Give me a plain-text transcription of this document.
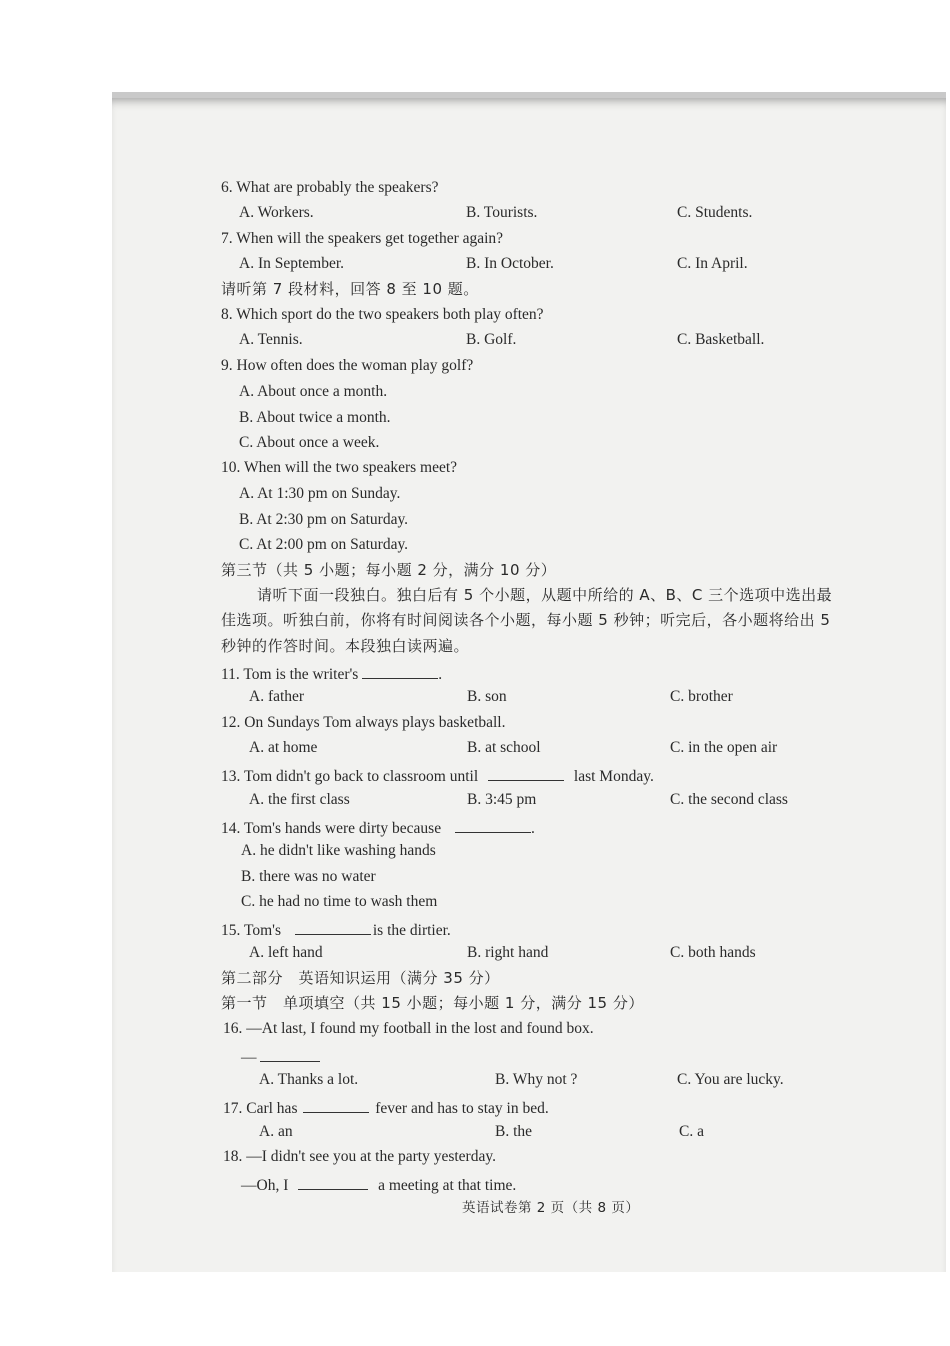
6. What are probably the speakers?
A. Workers.	B. Tourists.	C. Students.
7. When will the speakers get together again?
A. In September.	B. In October.	C. In April.
请听第 7 段材料，回答 8 至 10 题。
8. Which sport do the two speakers both play often?
A. Tennis.	B. Golf.	C. Basketball.
9. How often does the woman play golf?
A. About once a month.
B. About twice a month.
C. About once a week.
10. When will the two speakers meet?
A. At 1:30 pm on Sunday.
B. At 2:30 pm on Saturday.
C. At 2:00 pm on Saturday.
第三节（共 5 小题；每小题 2 分，满分 10 分）
请听下面一段独白。独白后有 5 个小题，从题中所给的 A、B、C 三个选项中选出最
佳选项。听独白前，你将有时间阅读各个小题，每小题 5 秒钟；听完后，各小题将给出 5
秒钟的作答时间。本段独白读两遍。
11. Tom is the writer's	.
A. father	B. son	C. brother
12. On Sundays Tom always plays basketball.
A. at home	B. at school	C. in the open air
13. Tom didn't go back to classroom until	last Monday.
A. the first class	B. 3:45 pm	C. the second class
14. Tom's hands were dirty because	.
A. he didn't like washing hands
B. there was no water
C. he had no time to wash them
15. Tom's	is the dirtier.
A. left hand	B. right hand	C. both hands
第二部分　英语知识运用（满分 35 分）
第一节　单项填空（共 15 小题；每小题 1 分，满分 15 分）
16. —At last, I found my football in the lost and found box.
—
A. Thanks a lot.	B. Why not ?	C. You are lucky.
17. Carl has	fever and has to stay in bed.
A. an	B. the	C. a
18. —I didn't see you at the party yesterday.
—Oh, I	a meeting at that time.
英语试卷第 2 页（共 8 页）
